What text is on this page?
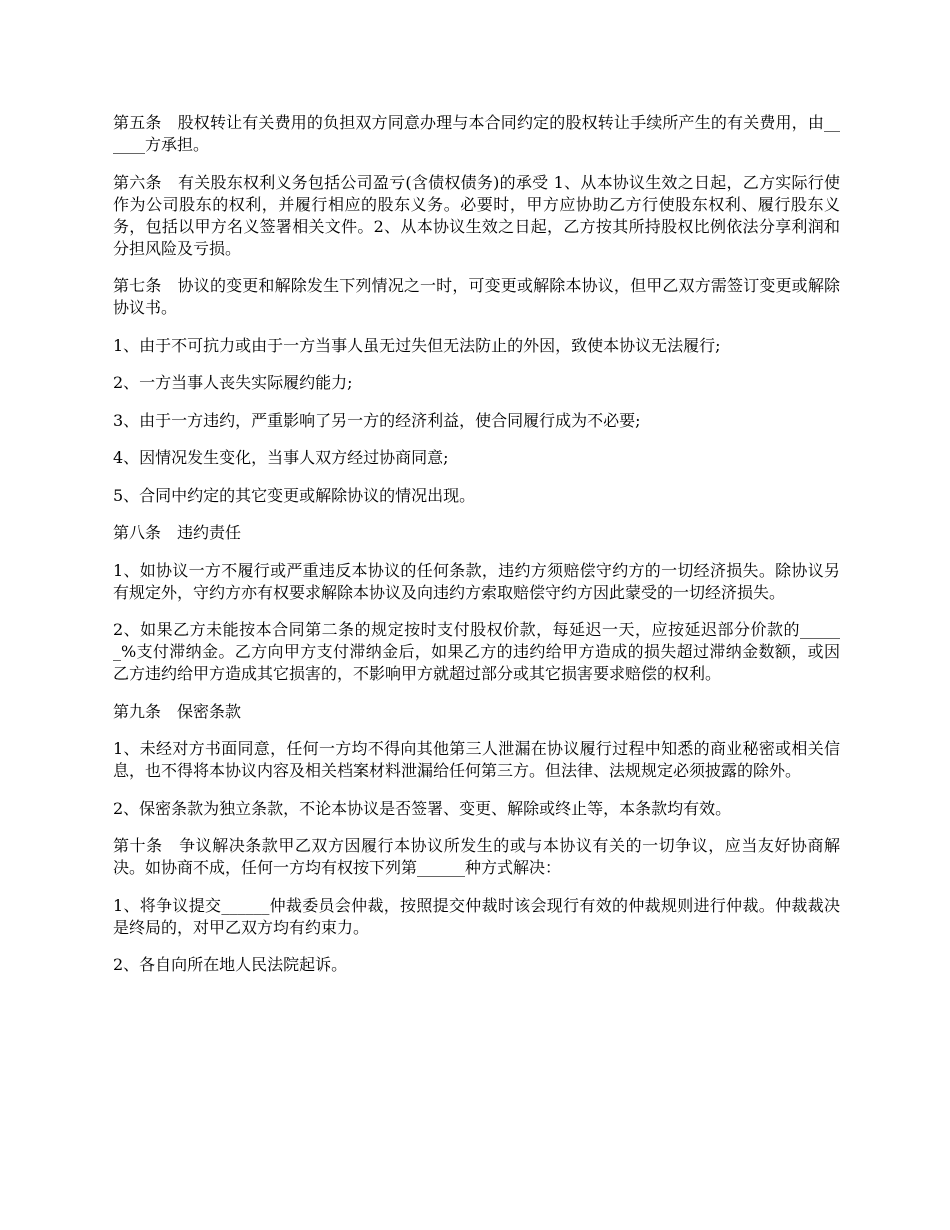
第五条　股权转让有关费用的负担双方同意办理与本合同约定的股权转让手续所产生的有关费用，由______方承担。

第六条　有关股东权利义务包括公司盈亏(含债权债务)的承受 1、从本协议生效之日起，乙方实际行使作为公司股东的权利，并履行相应的股东义务。必要时，甲方应协助乙方行使股东权利、履行股东义务，包括以甲方名义签署相关文件。2、从本协议生效之日起，乙方按其所持股权比例依法分享利润和分担风险及亏损。

第七条　协议的变更和解除发生下列情况之一时，可变更或解除本协议，但甲乙双方需签订变更或解除协议书。

1、由于不可抗力或由于一方当事人虽无过失但无法防止的外因，致使本协议无法履行;

2、一方当事人丧失实际履约能力;

3、由于一方违约，严重影响了另一方的经济利益，使合同履行成为不必要;

4、因情况发生变化，当事人双方经过协商同意;

5、合同中约定的其它变更或解除协议的情况出现。

第八条　违约责任

1、如协议一方不履行或严重违反本协议的任何条款，违约方须赔偿守约方的一切经济损失。除协议另有规定外，守约方亦有权要求解除本协议及向违约方索取赔偿守约方因此蒙受的一切经济损失。

2、如果乙方未能按本合同第二条的规定按时支付股权价款，每延迟一天，应按延迟部分价款的______%支付滞纳金。乙方向甲方支付滞纳金后，如果乙方的违约给甲方造成的损失超过滞纳金数额，或因乙方违约给甲方造成其它损害的，不影响甲方就超过部分或其它损害要求赔偿的权利。

第九条　保密条款

1、未经对方书面同意，任何一方均不得向其他第三人泄漏在协议履行过程中知悉的商业秘密或相关信息，也不得将本协议内容及相关档案材料泄漏给任何第三方。但法律、法规规定必须披露的除外。

2、保密条款为独立条款，不论本协议是否签署、变更、解除或终止等，本条款均有效。

第十条　争议解决条款甲乙双方因履行本协议所发生的或与本协议有关的一切争议，应当友好协商解决。如协商不成，任何一方均有权按下列第______种方式解决：

1、将争议提交______仲裁委员会仲裁，按照提交仲裁时该会现行有效的仲裁规则进行仲裁。仲裁裁决是终局的，对甲乙双方均有约束力。

2、各自向所在地人民法院起诉。
